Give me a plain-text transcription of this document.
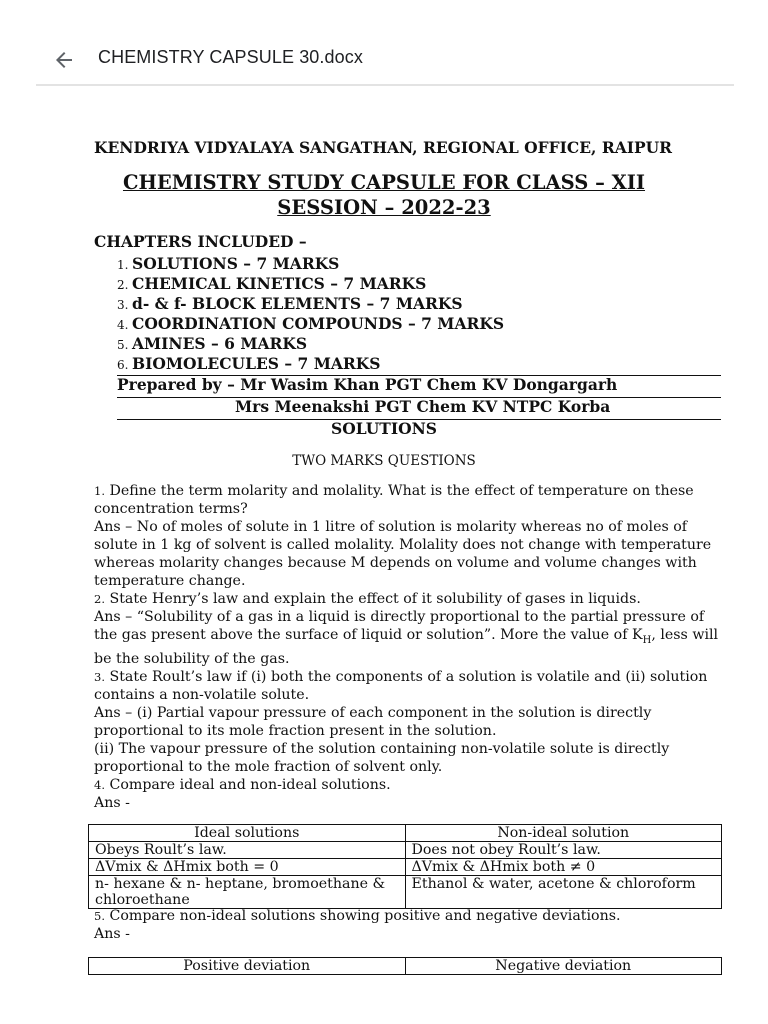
CHEMISTRY CAPSULE 30.docx
KENDRIYA VIDYALAYA SANGATHAN, REGIONAL OFFICE, RAIPUR
CHEMISTRY STUDY CAPSULE FOR CLASS – XII
SESSION – 2022-23
CHAPTERS INCLUDED –
1. SOLUTIONS – 7 MARKS
2. CHEMICAL KINETICS – 7 MARKS
3. d- & f- BLOCK ELEMENTS – 7 MARKS
4. COORDINATION COMPOUNDS – 7 MARKS
5. AMINES – 6 MARKS
6. BIOMOLECULES – 7 MARKS
Prepared by – Mr Wasim Khan PGT Chem KV Dongargarh
Mrs Meenakshi PGT Chem KV NTPC Korba
SOLUTIONS
TWO MARKS QUESTIONS

1. Define the term molarity and molality. What is the effect of temperature on these concentration terms?

Ans – No of moles of solute in 1 litre of solution is molarity whereas no of moles of solute in 1 kg of solvent is called molality. Molality does not change with temperature whereas molarity changes because M depends on volume and volume changes with temperature change.

2. State Henry’s law and explain the effect of it solubility of gases in liquids.

Ans – “Solubility of a gas in a liquid is directly proportional to the partial pressure of the gas present above the surface of liquid or solution”. More the value of $K_H$, less will be the solubility of the gas.

3. State Roult’s law if (i) both the components of a solution is volatile and (ii) solution contains a non-volatile solute.

Ans – (i) Partial vapour pressure of each component in the solution is directly proportional to its mole fraction present in the solution.

(ii) The vapour pressure of the solution containing non-volatile solute is directly proportional to the mole fraction of solvent only.

4. Compare ideal and non-ideal solutions.

Ans -

Ideal solutions	Non-ideal solution
Obeys Roult’s law.	Does not obey Roult’s law.
ΔVmix & ΔHmix both = 0	ΔVmix & ΔHmix both ≠ 0
n- hexane & n- heptane, bromoethane & chloroethane	Ethanol & water, acetone & chloroform

5. Compare non-ideal solutions showing positive and negative deviations.

Ans -

Positive deviation	Negative deviation
